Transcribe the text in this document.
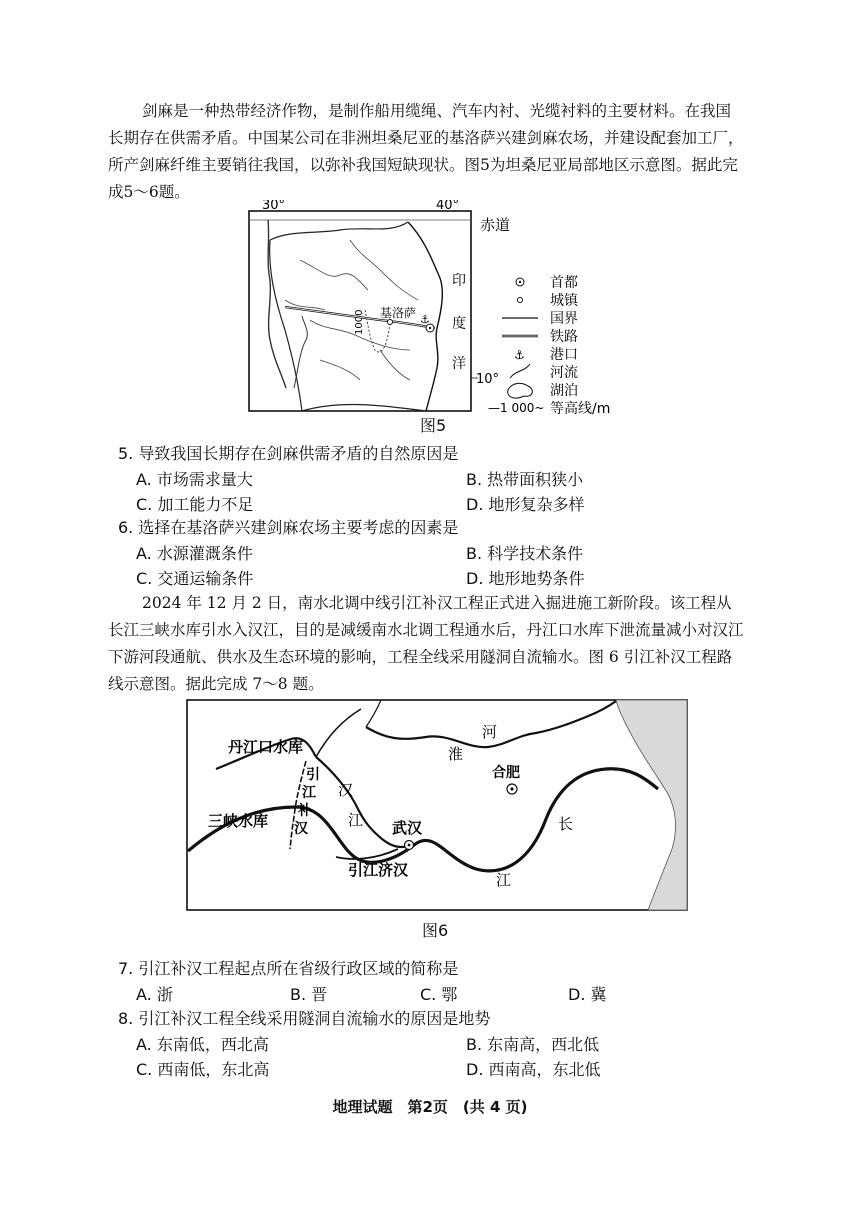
剑麻是一种热带经济作物，是制作船用缆绳、汽车内衬、光缆衬料的主要材料。在我国长期存在供需矛盾。中国某公司在非洲坦桑尼亚的基洛萨兴建剑麻农场，并建设配套加工厂，所产剑麻纤维主要销往我国，以弥补我国短缺现状。图5为坦桑尼亚局部地区示意图。据此完成5～6题。
30°	40°
赤道
1000 基洛萨 ⚓
印
度
洋
10°
首都
城镇
国界
铁路
⚓ 港口
河流
湖泊
—1 000~ 等高线/m
图5
5. 导致我国长期存在剑麻供需矛盾的自然原因是
A. 市场需求量大	B. 热带面积狭小
C. 加工能力不足	D. 地形复杂多样
6. 选择在基洛萨兴建剑麻农场主要考虑的因素是
A. 水源灌溉条件	B. 科学技术条件
C. 交通运输条件	D. 地形地势条件
2024 年 12 月 2 日，南水北调中线引江补汉工程正式进入掘进施工新阶段。该工程从长江三峡水库引水入汉江，目的是减缓南水北调工程通水后，丹江口水库下泄流量减小对汉江下游河段通航、供水及生态环境的影响，工程全线采用隧洞自流输水。图 6 引江补汉工程路线示意图。据此完成 7～8 题。
丹江口水库
三峡水库
引
江
补
汉
汉
江
淮
河
合肥
武汉
引江济汉
长
江
图6
7. 引江补汉工程起点所在省级行政区域的简称是
A. 浙	B. 晋	C. 鄂	D. 冀
8. 引江补汉工程全线采用隧洞自流输水的原因是地势
A. 东南低，西北高	B. 东南高，西北低
C. 西南低，东北高	D. 西南高，东北低
地理试题　第2页　(共 4 页)
